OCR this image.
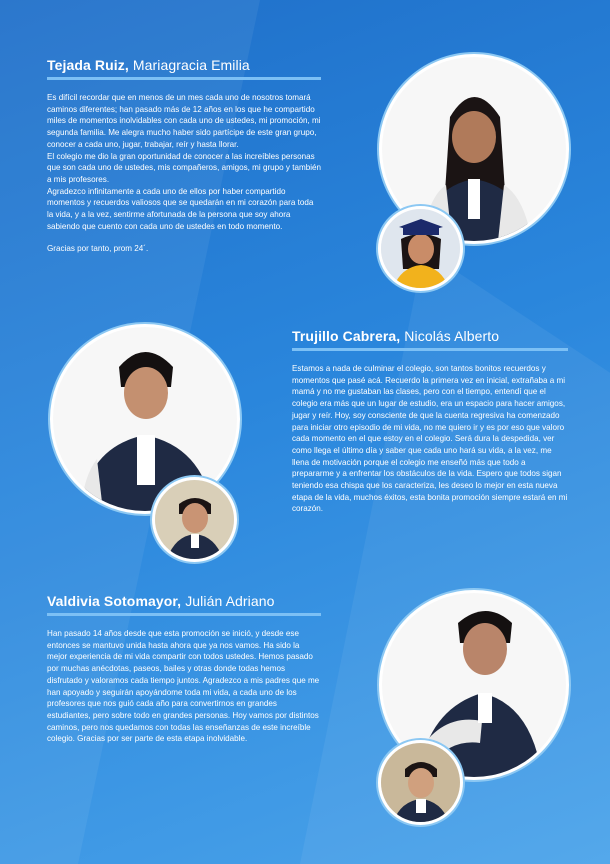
Tejada Ruiz, Mariagracia Emilia

Es difícil recordar que en menos de un mes cada uno de nosotros tomará caminos diferentes; han pasado más de 12 años en los que he compartido miles de momentos inolvidables con cada uno de ustedes, mi promoción, mi segunda familia. Me alegra mucho haber sido partícipe de este gran grupo, conocer a cada uno, jugar, trabajar, reír y hasta llorar.

El colegio me dio la gran oportunidad de conocer a las increíbles personas que son cada uno de ustedes, mis compañeros, amigos, mi grupo y también a mis profesores.

Agradezco infinitamente a cada uno de ellos por haber compartido momentos y recuerdos valiosos que se quedarán en mi corazón para toda la vida, y a la vez, sentirme afortunada de la persona que soy ahora sabiendo que cuento con cada uno de ustedes en todo momento.

Gracias por tanto, prom 24´.

Trujillo Cabrera, Nicolás Alberto

Estamos a nada de culminar el colegio, son tantos bonitos recuerdos y momentos que pasé acá. Recuerdo la primera vez en inicial, extrañaba a mi mamá y no me gustaban las clases, pero con el tiempo, entendí que el colegio era más que un lugar de estudio, era un espacio para hacer amigos, jugar y reír. Hoy, soy consciente de que la cuenta regresiva ha comenzado para iniciar otro episodio de mi vida, no me quiero ir y es por eso que valoro cada momento en el que estoy en el colegio. Será dura la despedida, ver como llega el último día y saber que cada uno hará su vida, a la vez, me llena de motivación porque el colegio me enseñó más que todo a prepararme y a enfrentar los obstáculos de la vida. Espero que todos sigan teniendo esa chispa que los caracteriza, les deseo lo mejor en esta nueva etapa de la vida, muchos éxitos, esta bonita promoción siempre estará en mi corazón.

Valdivia Sotomayor, Julián Adriano

Han pasado 14 años desde que esta promoción se inició, y desde ese entonces se mantuvo unida hasta ahora que ya nos vamos. Ha sido la mejor experiencia de mi vida compartir con todos ustedes. Hemos pasado por muchas anécdotas, paseos, bailes y otras donde todas hemos disfrutado y valoramos cada tiempo juntos. Agradezco a mis padres que me han apoyado y seguirán apoyándome toda mi vida, a cada uno de los profesores que nos guió cada año para convertirnos en grandes estudiantes, pero sobre todo en grandes personas. Hoy vamos por distintos caminos, pero nos quedamos con todas las enseñanzas de este increíble colegio. Gracias por ser parte de esta etapa inolvidable.
